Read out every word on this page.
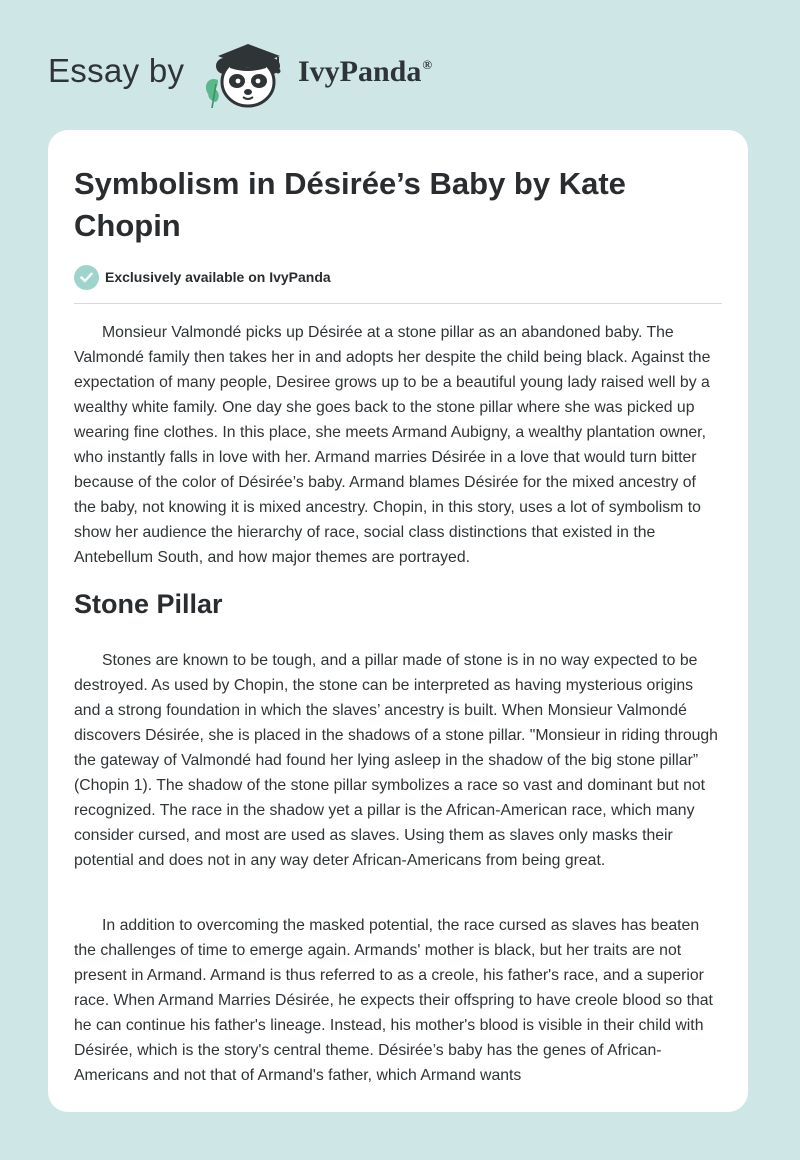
Essay by	IvyPanda®
Symbolism in Désirée’s Baby by Kate Chopin
Exclusively available on IvyPanda

Monsieur Valmondé picks up Désirée at a stone pillar as an abandoned baby. The Valmondé family then takes her in and adopts her despite the child being black. Against the expectation of many people, Desiree grows up to be a beautiful young lady raised well by a wealthy white family. One day she goes back to the stone pillar where she was picked up wearing fine clothes. In this place, she meets Armand Aubigny, a wealthy plantation owner, who instantly falls in love with her. Armand marries Désirée in a love that would turn bitter because of the color of Désirée’s baby. Armand blames Désirée for the mixed ancestry of the baby, not knowing it is mixed ancestry. Chopin, in this story, uses a lot of symbolism to show her audience the hierarchy of race, social class distinctions that existed in the Antebellum South, and how major themes are portrayed.

Stone Pillar

Stones are known to be tough, and a pillar made of stone is in no way expected to be destroyed. As used by Chopin, the stone can be interpreted as having mysterious origins and a strong foundation in which the slaves’ ancestry is built. When Monsieur Valmondé discovers Désirée, she is placed in the shadows of a stone pillar. "Monsieur in riding through the gateway of Valmondé had found her lying asleep in the shadow of the big stone pillar” (Chopin 1). The shadow of the stone pillar symbolizes a race so vast and dominant but not recognized. The race in the shadow yet a pillar is the African-American race, which many consider cursed, and most are used as slaves. Using them as slaves only masks their potential and does not in any way deter African-Americans from being great.

In addition to overcoming the masked potential, the race cursed as slaves has beaten the challenges of time to emerge again. Armands' mother is black, but her traits are not present in Armand. Armand is thus referred to as a creole, his father's race, and a superior race. When Armand Marries Désirée, he expects their offspring to have creole blood so that he can continue his father's lineage. Instead, his mother's blood is visible in their child with Désirée, which is the story's central theme. Désirée’s baby has the genes of African-Americans and not that of Armand's father, which Armand wants
